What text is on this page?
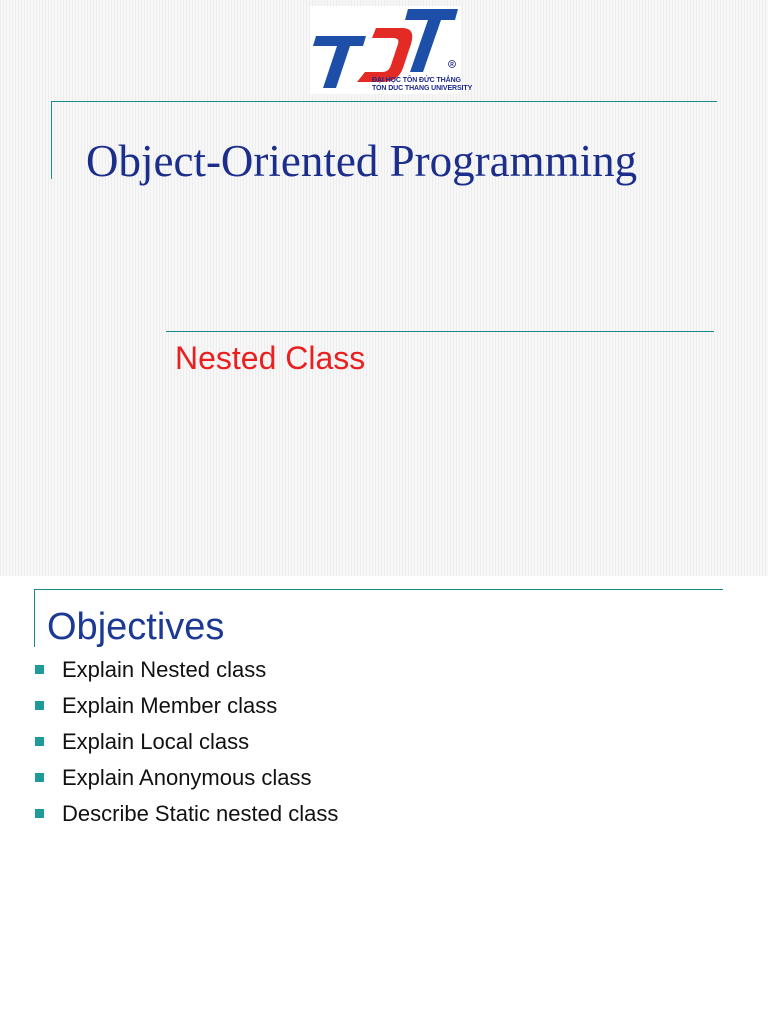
R
ĐẠI HỌC TÔN ĐỨC THẮNG
TON DUC THANG UNIVERSITY
Object-Oriented Programming
Nested Class
Objectives
Explain Nested class
Explain Member class
Explain Local class
Explain Anonymous class
Describe Static nested class
